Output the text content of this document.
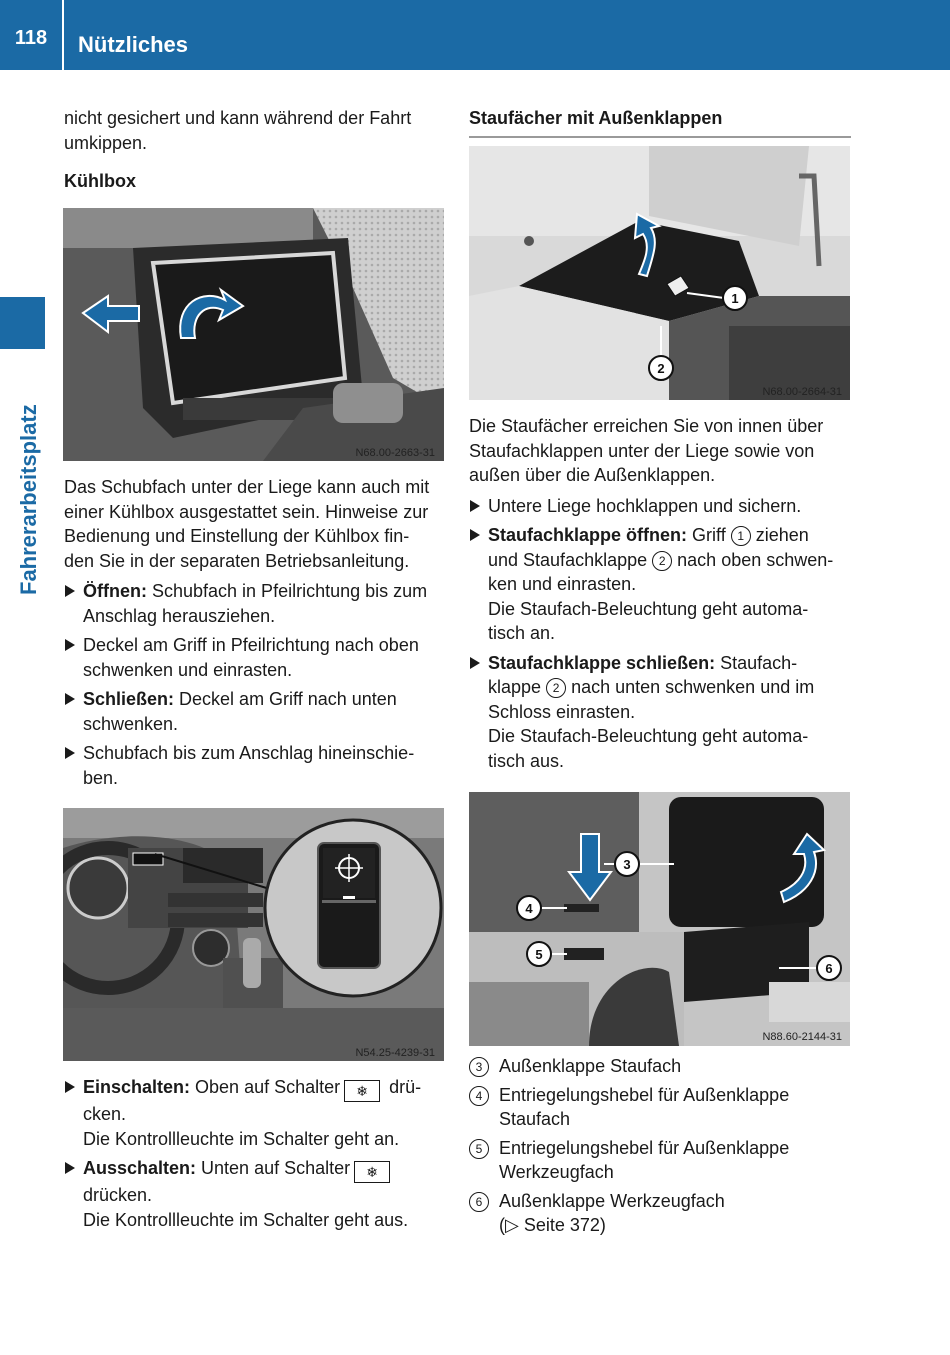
118	Nützliches
Fahrerarbeitsplatz

nicht gesichert und kann während der Fahrt

umkippen.

Kühlbox

N68.00-2663-31

Das Schubfach unter der Liege kann auch mit

einer Kühlbox ausgestattet sein. Hinweise zur

Bedienung und Einstellung der Kühlbox fin-

den Sie in der separaten Betriebsanleitung.

Öffnen: Schubfach in Pfeilrichtung bis zum

Anschlag herausziehen.

Deckel am Griff in Pfeilrichtung nach oben

schwenken und einrasten.

Schließen: Deckel am Griff nach unten

schwenken.

Schubfach bis zum Anschlag hineinschie-

ben.

N54.25-4239-31

Einschalten: Oben auf Schalter ❄ drü-

cken.

Die Kontrollleuchte im Schalter geht an.

Ausschalten: Unten auf Schalter ❄

drücken.

Die Kontrollleuchte im Schalter geht aus.

Staufächer mit Außenklappen

1
2
N68.00-2664-31

Die Staufächer erreichen Sie von innen über

Staufachklappen unter der Liege sowie von

außen über die Außenklappen.

Untere Liege hochklappen und sichern.

Staufachklappe öffnen: Griff 1 ziehen

und Staufachklappe 2 nach oben schwen-

ken und einrasten.

Die Staufach-Beleuchtung geht automa-

tisch an.

Staufachklappe schließen: Staufach-

klappe 2 nach unten schwenken und im

Schloss einrasten.

Die Staufach-Beleuchtung geht automa-

tisch aus.

3
4
5
6
N88.60-2144-31
3 Außenklappe Staufach

4 Entriegelungshebel für Außenklappe

Staufach

5 Entriegelungshebel für Außenklappe

Werkzeugfach

6 Außenklappe Werkzeugfach

(▷ Seite 372)
